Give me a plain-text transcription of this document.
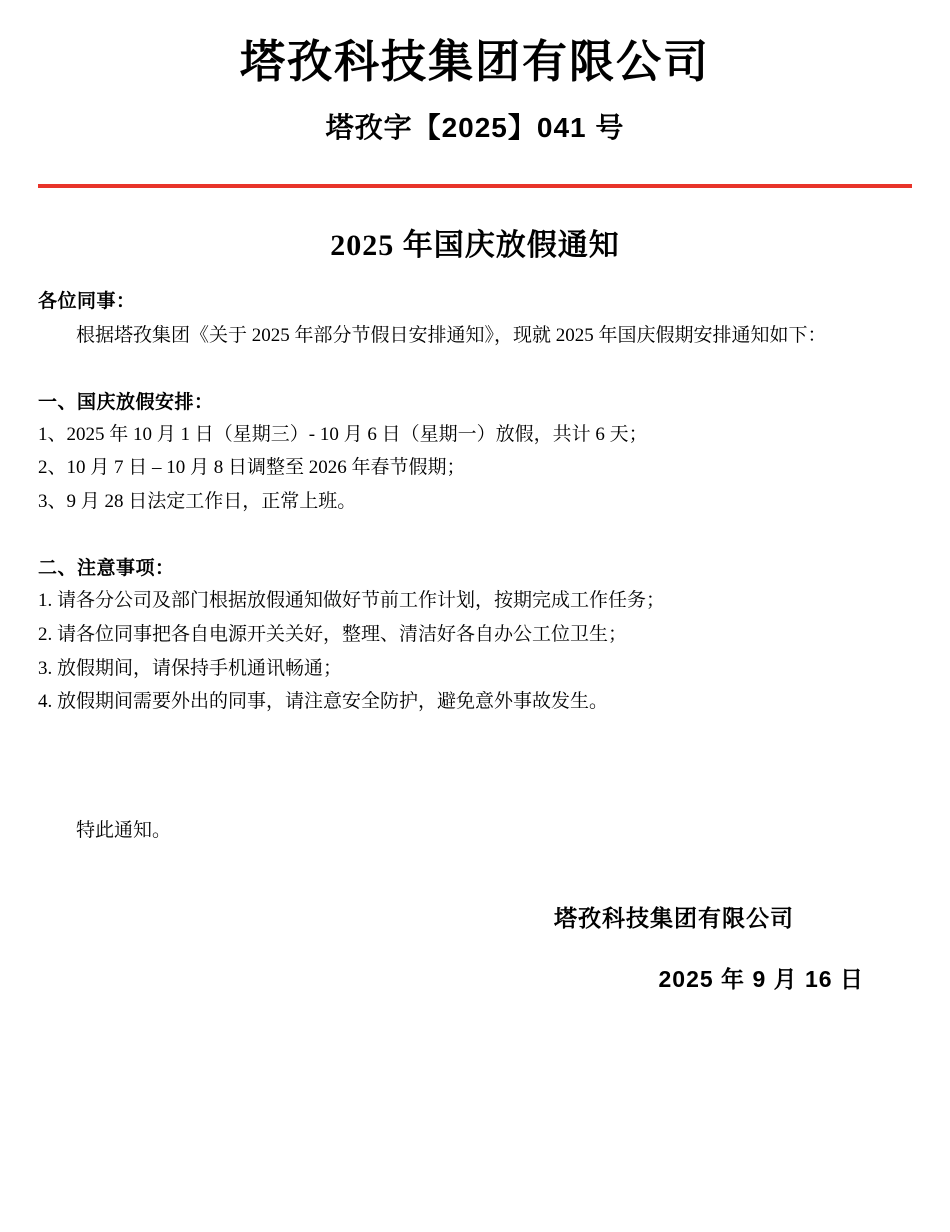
塔孜科技集团有限公司
塔孜字【2025】041 号
2025 年国庆放假通知
各位同事：

根据塔孜集团《关于 2025 年部分节假日安排通知》，现就 2025 年国庆假期安排通知如下：

一、国庆放假安排：

1、2025 年 10 月 1 日（星期三）- 10 月 6 日（星期一）放假，共计 6 天；

2、10 月 7 日 – 10 月 8 日调整至 2026 年春节假期；

3、9 月 28 日法定工作日，正常上班。

二、注意事项：

1. 请各分公司及部门根据放假通知做好节前工作计划，按期完成工作任务；

2. 请各位同事把各自电源开关关好，整理、清洁好各自办公工位卫生；

3. 放假期间，请保持手机通讯畅通；

4. 放假期间需要外出的同事，请注意安全防护，避免意外事故发生。

特此通知。
塔孜科技集团有限公司
2025 年 9 月 16 日
